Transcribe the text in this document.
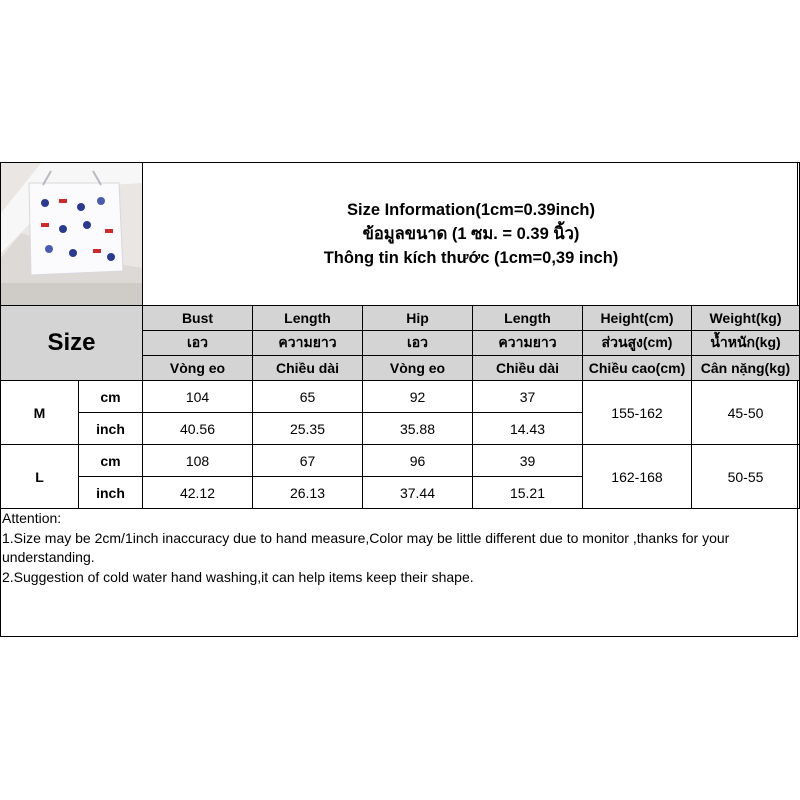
Size Information(1cm=0.39inch)
ข้อมูลขนาด (1 ซม. = 0.39 นิ้ว)
Thông tin kích thước (1cm=0,39 inch)					

Size		Bust	Length	Hip	Length	Height(cm)	Weight(kg)
		เอว	ความยาว	เอว	ความยาว	ส่วนสูง(cm)	น้ำหนัก(kg)
		Vòng eo	Chiều dài	Vòng eo	Chiều dài	Chiều cao(cm)	Cân nặng(kg)
M	cm	104	65	92	37	155-162	45-50
	inch	40.56	25.35	35.88	14.43		
L	cm	108	67	96	39	162-168	50-55
	inch	42.12	26.13	37.44	15.21		
Attention:
1.Size may be 2cm/1inch inaccuracy due to hand measure,Color may be little different due to monitor ,thanks for your understanding.
2.Suggestion of cold water hand washing,it can help items keep their shape.
